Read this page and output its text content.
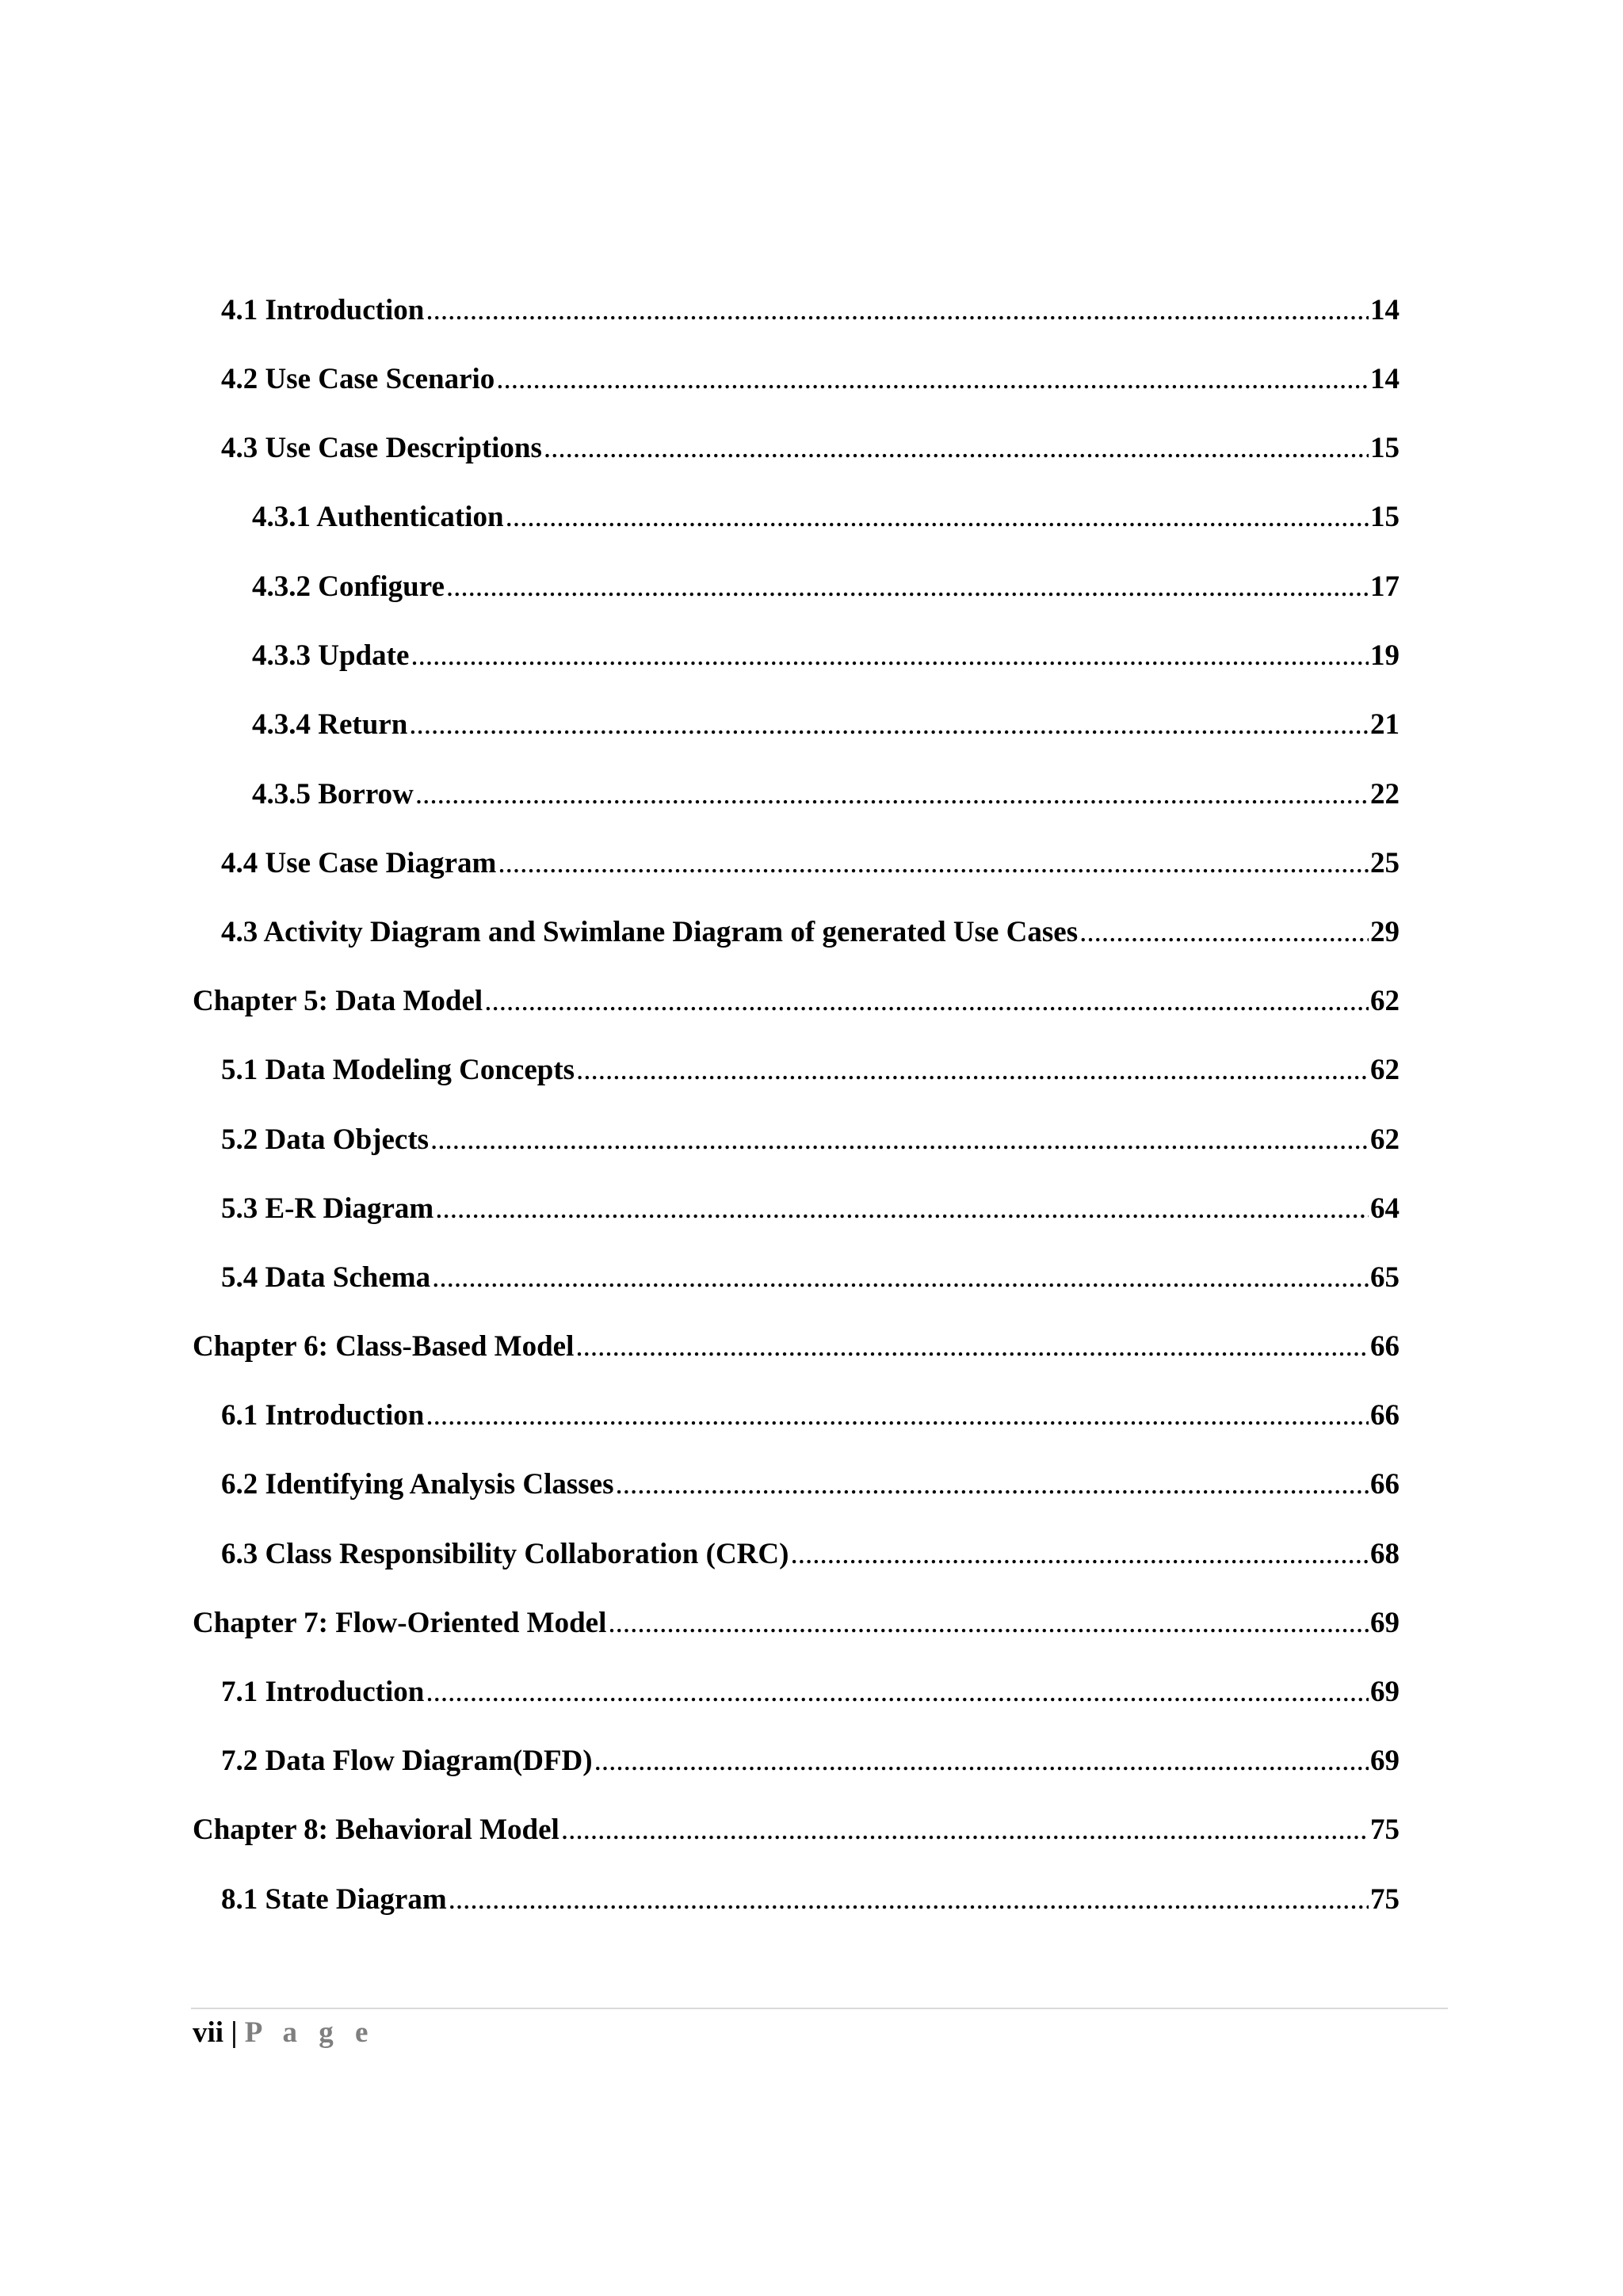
4.1 Introduction .....	14
4.2 Use Case Scenario .....	14
4.3 Use Case Descriptions .....	15
4.3.1 Authentication .....	15
4.3.2 Configure .....	17
4.3.3 Update .....	19
4.3.4 Return .....	21
4.3.5 Borrow .....	22
4.4 Use Case Diagram .....	25
4.3 Activity Diagram and Swimlane Diagram of generated Use Cases .....	29
Chapter 5: Data Model .....	62
5.1 Data Modeling Concepts .....	62
5.2 Data Objects .....	62
5.3 E-R Diagram .....	64
5.4 Data Schema .....	65
Chapter 6: Class-Based Model .....	66
6.1 Introduction .....	66
6.2 Identifying Analysis Classes .....	66
6.3 Class Responsibility Collaboration (CRC) .....	68
Chapter 7: Flow-Oriented Model .....	69
7.1 Introduction .....	69
7.2 Data Flow Diagram(DFD) .....	69
Chapter 8: Behavioral Model .....	75
8.1 State Diagram .....	75
vii | P a g e
